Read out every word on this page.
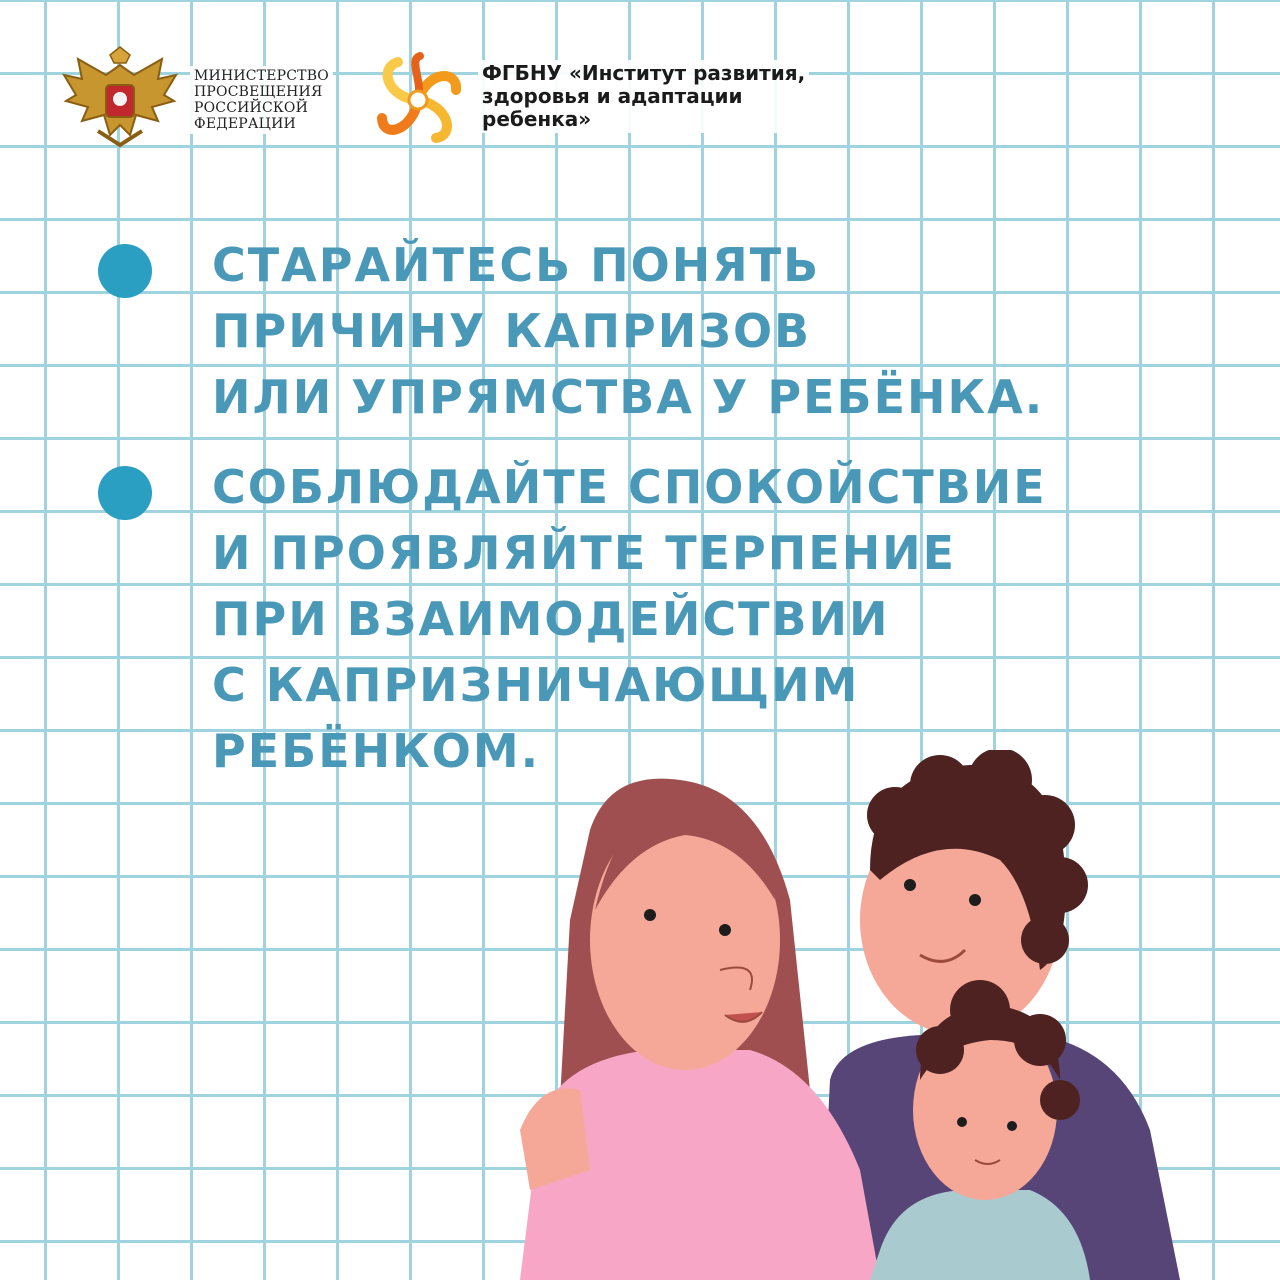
МИНИСТЕРСТВО
ПРОСВЕЩЕНИЯ
РОССИЙСКОЙ
ФЕДЕРАЦИИ
ФГБНУ «Институт развития,
здоровья и адаптации
ребенка»
СТАРАЙТЕСЬ ПОНЯТЬ
ПРИЧИНУ КАПРИЗОВ
ИЛИ УПРЯМСТВА У РЕБЁНКА.
СОБЛЮДАЙТЕ СПОКОЙСТВИЕ
И ПРОЯВЛЯЙТЕ ТЕРПЕНИЕ
ПРИ ВЗАИМОДЕЙСТВИИ
С КАПРИЗНИЧАЮЩИМ
РЕБЁНКОМ.
